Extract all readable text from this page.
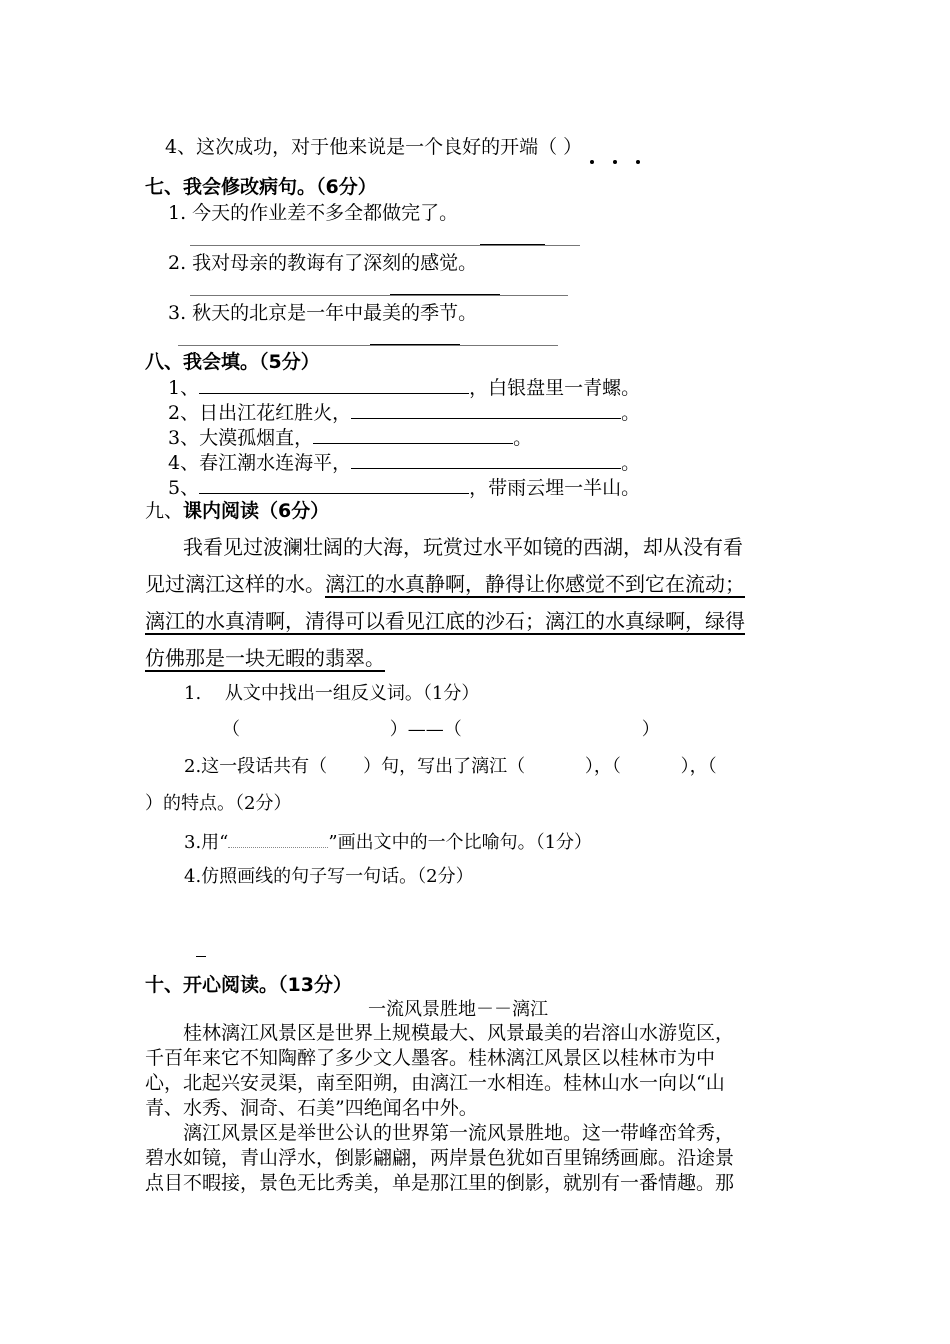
4、这次成功，对于他来说是一个良好的开端（ ）
七、我会修改病句。（6分）
1. 今天的作业差不多全都做完了。
2. 我对母亲的教诲有了深刻的感觉。
3. 秋天的北京是一年中最美的季节。
八、我会填。（5分）
1、	，白银盘里一青螺。
2、日出江花红胜火，	。
3、大漠孤烟直，	。
4、春江潮水连海平，	。
5、	，带雨云埋一半山。
九、课内阅读（6分）
我看见过波澜壮阔的大海，玩赏过水平如镜的西湖，却从没有看
见过漓江这样的水。漓江的水真静啊，静得让你感觉不到它在流动；
漓江的水真清啊，清得可以看见江底的沙石；漓江的水真绿啊，绿得
仿佛那是一块无暇的翡翠。
1.　 从文中找出一组反义词。（1分）
（　　　　　　　　 ）——（　　　　　　　　　　）
2.这一段话共有（　　）句，写出了漓江（　　　 ），（　　　 ），（
）的特点。（2分）
3.用“	”画出文中的一个比喻句。（1分）
4.仿照画线的句子写一句话。（2分）
十、开心阅读。（13分）
一流风景胜地－－漓江
桂林漓江风景区是世界上规模最大、风景最美的岩溶山水游览区，
千百年来它不知陶醉了多少文人墨客。桂林漓江风景区以桂林市为中
心，北起兴安灵渠，南至阳朔，由漓江一水相连。桂林山水一向以“山
青、水秀、洞奇、石美”四绝闻名中外。
漓江风景区是举世公认的世界第一流风景胜地。这一带峰峦耸秀，
碧水如镜，青山浮水，倒影翩翩，两岸景色犹如百里锦绣画廊。沿途景
点目不暇接，景色无比秀美，单是那江里的倒影，就别有一番情趣。那
